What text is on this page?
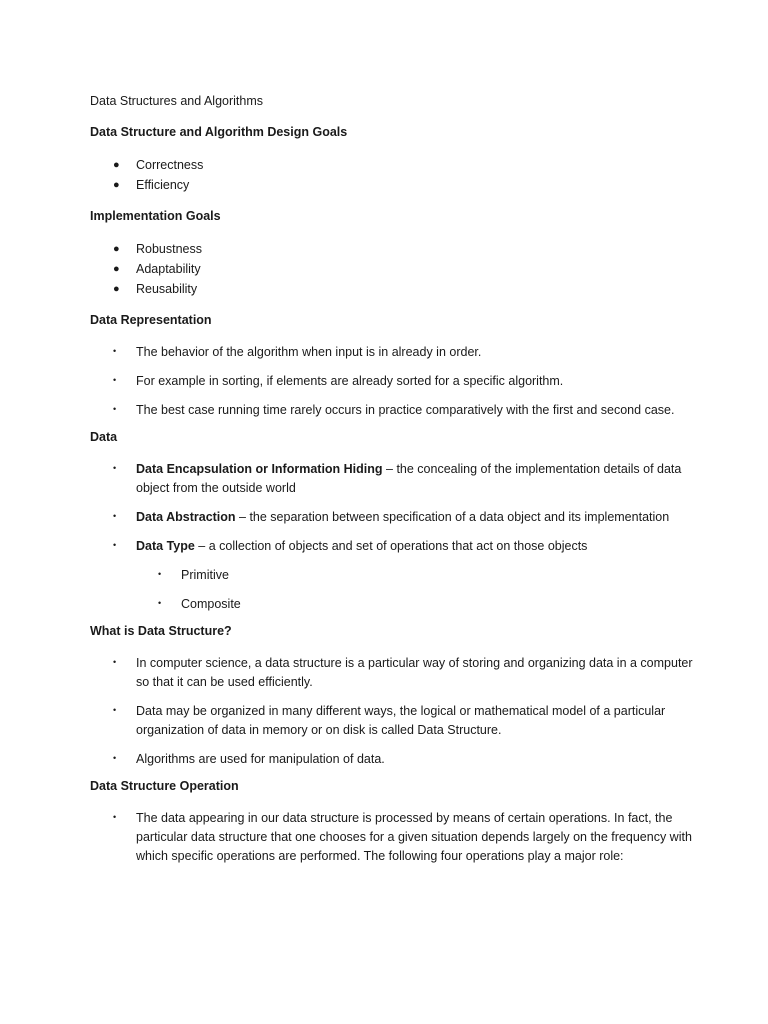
Data Structures and Algorithms

Data Structure and Algorithm Design Goals

● Correctness
● Efficiency

Implementation Goals

● Robustness
● Adaptability
● Reusability

Data Representation

• The behavior of the algorithm when input is in already in order.
• For example in sorting, if elements are already sorted for a specific algorithm.
• The best case running time rarely occurs in practice comparatively with the first and second case.

Data

• Data Encapsulation or Information Hiding – the concealing of the implementation details of data object from the outside world
• Data Abstraction – the separation between specification of a data object and its implementation
• Data Type – a collection of objects and set of operations that act on those objects
• Primitive
• Composite

What is Data Structure?

• In computer science, a data structure is a particular way of storing and organizing data in a computer so that it can be used efficiently.
• Data may be organized in many different ways, the logical or mathematical model of a particular organization of data in memory or on disk is called Data Structure.
• Algorithms are used for manipulation of data.

Data Structure Operation

• The data appearing in our data structure is processed by means of certain operations. In fact, the particular data structure that one chooses for a given situation depends largely on the frequency with which specific operations are performed. The following four operations play a major role:
